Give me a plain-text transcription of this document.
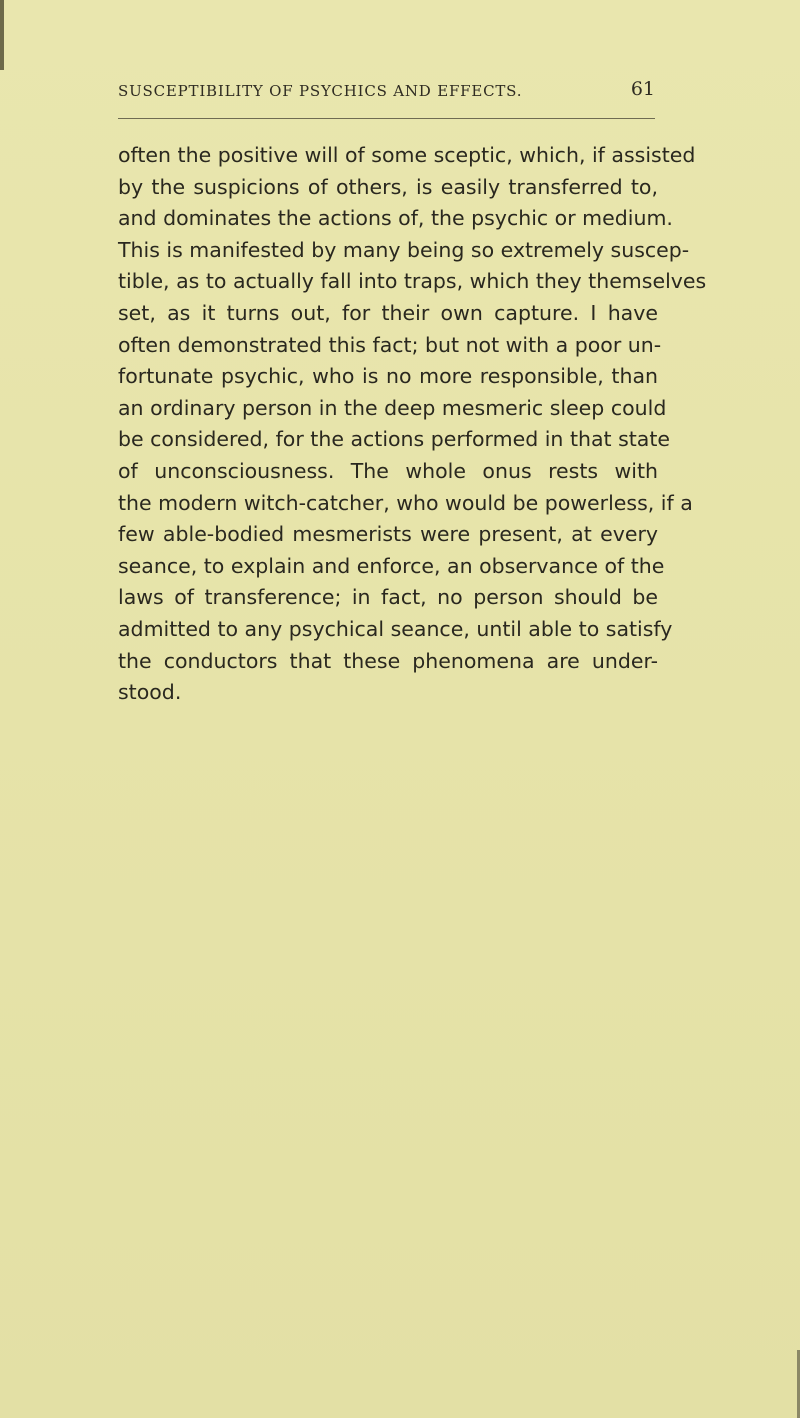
SUSCEPTIBILITY OF PSYCHICS AND EFFECTS.	61
often the positive will of some sceptic, which, if assisted
by the suspicions of others, is easily transferred to,
and dominates the actions of, the psychic or medium.
This is manifested by many being so extremely suscep-
tible, as to actually fall into traps, which they themselves
set, as it turns out, for their own capture. I have
often demonstrated this fact; but not with a poor un-
fortunate psychic, who is no more responsible, than
an ordinary person in the deep mesmeric sleep could
be considered, for the actions performed in that state
of unconsciousness. The whole onus rests with
the modern witch-catcher, who would be powerless, if a
few able-bodied mesmerists were present, at every
seance, to explain and enforce, an observance of the
laws of transference; in fact, no person should be
admitted to any psychical seance, until able to satisfy
the conductors that these phenomena are under-
stood.
